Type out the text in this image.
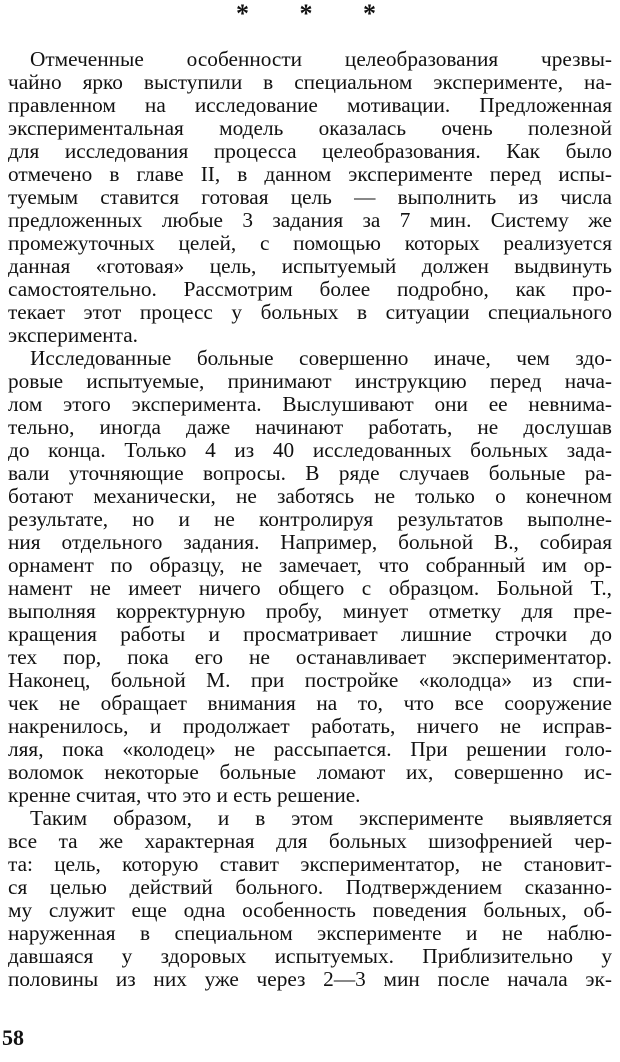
* * *
Отмеченные особенности целеобразования чрезвы-
чайно ярко выступили в специальном эксперименте, на-
правленном на исследование мотивации. Предложенная
экспериментальная модель оказалась очень полезной
для исследования процесса целеобразования. Как было
отмечено в главе II, в данном эксперименте перед испы-
туемым ставится готовая цель — выполнить из числа
предложенных любые 3 задания за 7 мин. Систему же
промежуточных целей, с помощью которых реализуется
данная «готовая» цель, испытуемый должен выдвинуть
самостоятельно. Рассмотрим более подробно, как про-
текает этот процесс у больных в ситуации специального
эксперимента.
Исследованные больные совершенно иначе, чем здо-
ровые испытуемые, принимают инструкцию перед нача-
лом этого эксперимента. Выслушивают они ее невнима-
тельно, иногда даже начинают работать, не дослушав
до конца. Только 4 из 40 исследованных больных зада-
вали уточняющие вопросы. В ряде случаев больные ра-
ботают механически, не заботясь не только о конечном
результате, но и не контролируя результатов выполне-
ния отдельного задания. Например, больной В., собирая
орнамент по образцу, не замечает, что собранный им ор-
намент не имеет ничего общего с образцом. Больной Т.,
выполняя корректурную пробу, минует отметку для пре-
кращения работы и просматривает лишние строчки до
тех пор, пока его не останавливает экспериментатор.
Наконец, больной М. при постройке «колодца» из спи-
чек не обращает внимания на то, что все сооружение
накренилось, и продолжает работать, ничего не исправ-
ляя, пока «колодец» не рассыпается. При решении голо-
воломок некоторые больные ломают их, совершенно ис-
кренне считая, что это и есть решение.
Таким образом, и в этом эксперименте выявляется
все та же характерная для больных шизофренией чер-
та: цель, которую ставит экспериментатор, не становит-
ся целью действий больного. Подтверждением сказанно-
му служит еще одна особенность поведения больных, об-
наруженная в специальном эксперименте и не наблю-
давшаяся у здоровых испытуемых. Приблизительно у
половины из них уже через 2—3 мин после начала эк-
58
